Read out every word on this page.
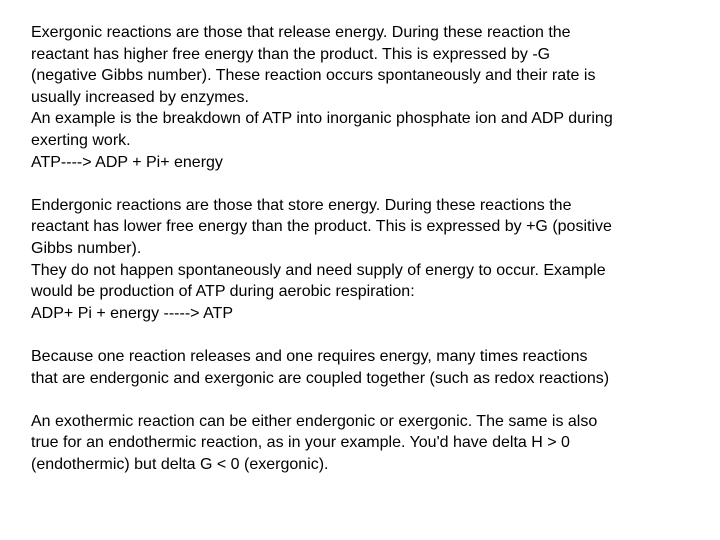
Exergonic reactions are those that release energy. During these reaction the
reactant has higher free energy than the product. This is expressed by -G
(negative Gibbs number). These reaction occurs spontaneously and their rate is
usually increased by enzymes.
An example is the breakdown of ATP into inorganic phosphate ion and ADP during
exerting work.
ATP----> ADP + Pi+ energy

Endergonic reactions are those that store energy. During these reactions the
reactant has lower free energy than the product. This is expressed by +G (positive
Gibbs number).
They do not happen spontaneously and need supply of energy to occur. Example
would be production of ATP during aerobic respiration:
ADP+ Pi + energy -----> ATP

Because one reaction releases and one requires energy, many times reactions
that are endergonic and exergonic are coupled together (such as redox reactions)

An exothermic reaction can be either endergonic or exergonic. The same is also
true for an endothermic reaction, as in your example. You'd have delta H > 0
(endothermic) but delta G < 0 (exergonic).
